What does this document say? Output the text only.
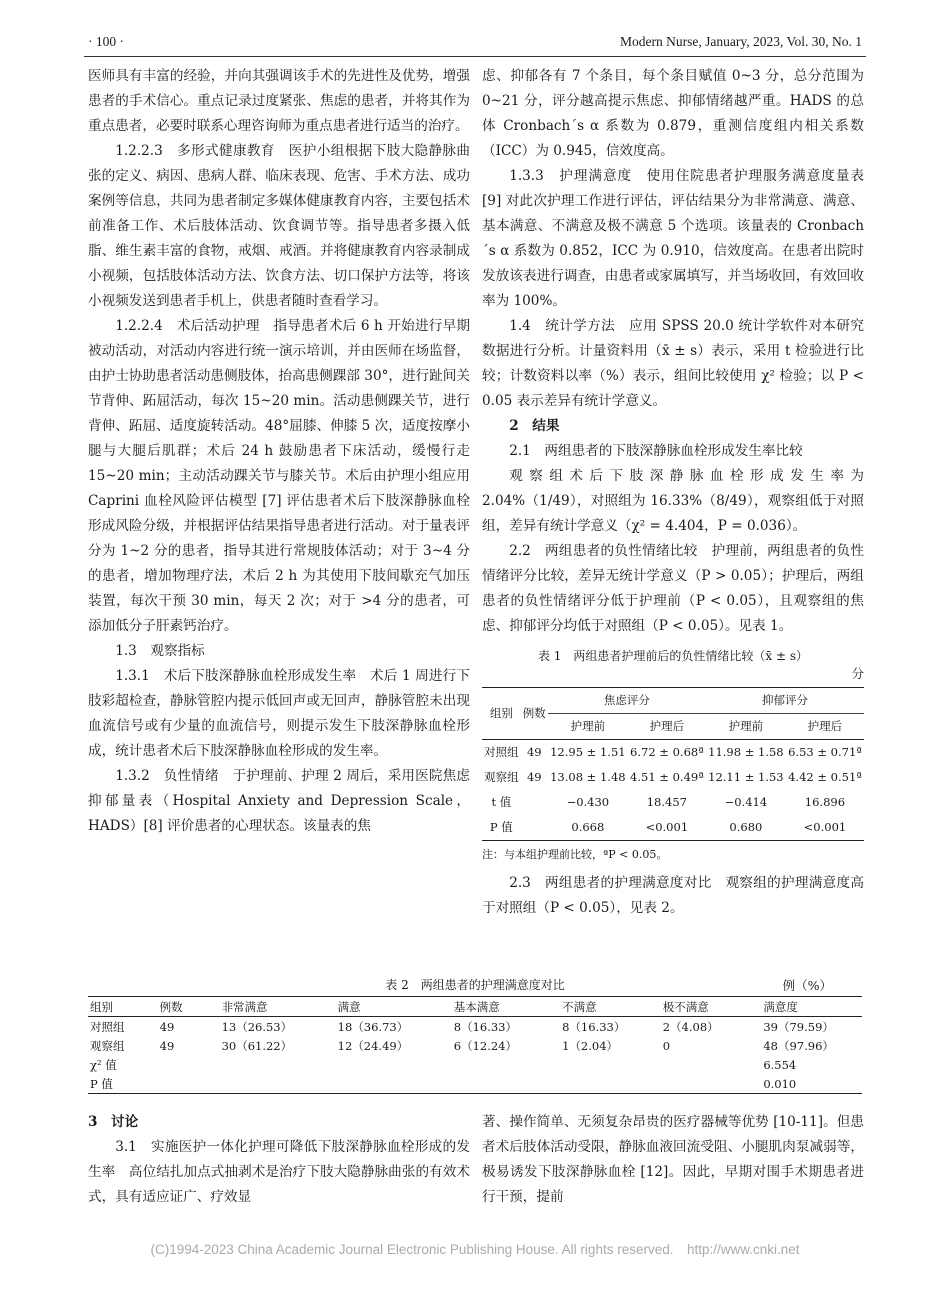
· 100 ·	Modern Nurse, January, 2023, Vol. 30, No. 1

医师具有丰富的经验，并向其强调该手术的先进性及优势，增强患者的手术信心。重点记录过度紧张、焦虑的患者，并将其作为重点患者，必要时联系心理咨询师为重点患者进行适当的治疗。

1.2.2.3　多形式健康教育　医护小组根据下肢大隐静脉曲张的定义、病因、患病人群、临床表现、危害、手术方法、成功案例等信息，共同为患者制定多媒体健康教育内容，主要包括术前准备工作、术后肢体活动、饮食调节等。指导患者多摄入低脂、维生素丰富的食物，戒烟、戒酒。并将健康教育内容录制成小视频，包括肢体活动方法、饮食方法、切口保护方法等，将该小视频发送到患者手机上，供患者随时查看学习。

1.2.2.4　术后活动护理　指导患者术后 6 h 开始进行早期被动活动，对活动内容进行统一演示培训，并由医师在场监督，由护士协助患者活动患侧肢体，抬高患侧踝部 30°，进行趾间关节背伸、跖屈活动，每次 15~20 min。活动患侧踝关节，进行背伸、跖屈、适度旋转活动。48°屈膝、伸膝 5 次，适度按摩小腿与大腿后肌群；术后 24 h 鼓励患者下床活动，缓慢行走 15~20 min；主动活动踝关节与膝关节。术后由护理小组应用 Caprini 血栓风险评估模型 [7] 评估患者术后下肢深静脉血栓形成风险分级，并根据评估结果指导患者进行活动。对于量表评分为 1~2 分的患者，指导其进行常规肢体活动；对于 3~4 分的患者，增加物理疗法，术后 2 h 为其使用下肢间歇充气加压装置，每次干预 30 min，每天 2 次；对于 >4 分的患者，可添加低分子肝素钙治疗。

1.3　观察指标

1.3.1　术后下肢深静脉血栓形成发生率　术后 1 周进行下肢彩超检查，静脉管腔内提示低回声或无回声，静脉管腔未出现血流信号或有少量的血流信号，则提示发生下肢深静脉血栓形成，统计患者术后下肢深静脉血栓形成的发生率。

1.3.2　负性情绪　于护理前、护理 2 周后，采用医院焦虑抑郁量表（Hospital Anxiety and Depression Scale，HADS）[8] 评价患者的心理状态。该量表的焦

虑、抑郁各有 7 个条目，每个条目赋值 0~3 分，总分范围为 0~21 分，评分越高提示焦虑、抑郁情绪越严重。HADS 的总体 Cronbach´s α 系数为 0.879，重测信度组内相关系数（ICC）为 0.945，信效度高。

1.3.3　护理满意度　使用住院患者护理服务满意度量表 [9] 对此次护理工作进行评估，评估结果分为非常满意、满意、基本满意、不满意及极不满意 5 个选项。该量表的 Cronbach´s α 系数为 0.852，ICC 为 0.910，信效度高。在患者出院时发放该表进行调查，由患者或家属填写，并当场收回，有效回收率为 100%。

1.4　统计学方法　应用 SPSS 20.0 统计学软件对本研究数据进行分析。计量资料用（x̄ ± s）表示，采用 t 检验进行比较；计数资料以率（%）表示，组间比较使用 χ² 检验；以 P < 0.05 表示差异有统计学意义。

2　结果

2.1　两组患者的下肢深静脉血栓形成发生率比较

观察组术后下肢深静脉血栓形成发生率为 2.04%（1/49），对照组为 16.33%（8/49），观察组低于对照组，差异有统计学意义（χ² = 4.404，P = 0.036）。

2.2　两组患者的负性情绪比较　护理前，两组患者的负性情绪评分比较，差异无统计学意义（P > 0.05）；护理后，两组患者的负性情绪评分低于护理前（P < 0.05），且观察组的焦虑、抑郁评分均低于对照组（P < 0.05）。见表 1。

表 1　两组患者护理前后的负性情绪比较（x̄ ± s）
分
组别	例数	焦虑评分		抑郁评分	
		护理前	护理后	护理前	护理后
对照组	49	12.95 ± 1.51	6.72 ± 0.68ª	11.98 ± 1.58	6.53 ± 0.71ª
观察组	49	13.08 ± 1.48	4.51 ± 0.49ª	12.11 ± 1.53	4.42 ± 0.51ª
t 值		−0.430	18.457	−0.414	16.896
P 值		0.668	<0.001	0.680	<0.001
注：与本组护理前比较，ªP < 0.05。

2.3　两组患者的护理满意度对比　观察组的护理满意度高于对照组（P < 0.05），见表 2。

表 2　两组患者的护理满意度对比	例（%）
组别	例数	非常满意	满意	基本满意	不满意	极不满意	满意度
对照组	49	13（26.53）	18（36.73）	8（16.33）	8（16.33）	2（4.08）	39（79.59）
观察组	49	30（61.22）	12（24.49）	6（12.24）	1（2.04）	0	48（97.96）
χ² 值							6.554
P 值							0.010

3　讨论

3.1　实施医护一体化护理可降低下肢深静脉血栓形成的发生率　高位结扎加点式抽剥术是治疗下肢大隐静脉曲张的有效术式，具有适应证广、疗效显

著、操作简单、无须复杂昂贵的医疗器械等优势 [10-11]。但患者术后肢体活动受限，静脉血液回流受阻、小腿肌肉泵减弱等，极易诱发下肢深静脉血栓 [12]。因此，早期对围手术期患者进行干预，提前

(C)1994-2023 China Academic Journal Electronic Publishing House. All rights reserved.　http://www.cnki.net
